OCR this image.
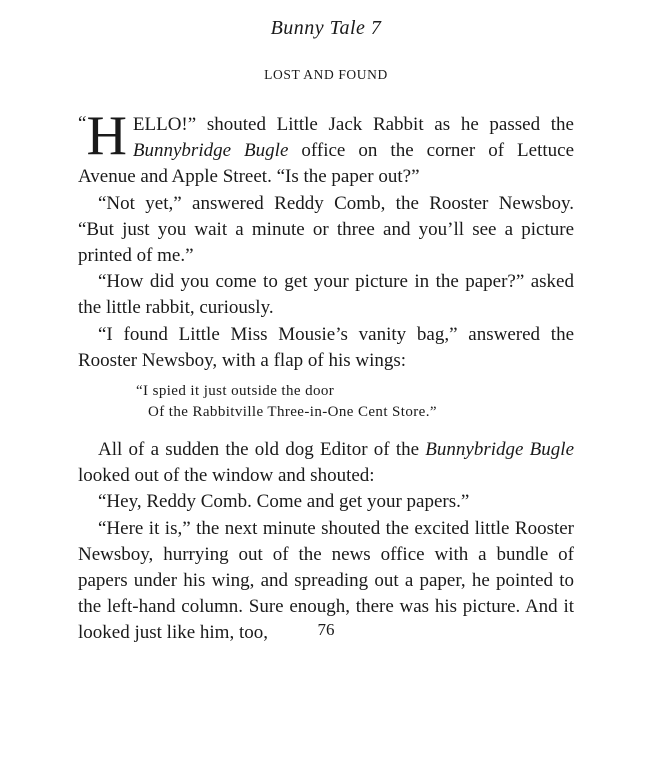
Bunny Tale 7
LOST AND FOUND

“ H ELLO!” shouted Little Jack Rabbit as he passed the Bunnybridge Bugle office on the corner of Lettuce Avenue and Apple Street. “Is the paper out?”

“Not yet,” answered Reddy Comb, the Rooster Newsboy. “But just you wait a minute or three and you’ll see a picture printed of me.”

“How did you come to get your picture in the paper?” asked the little rabbit, curiously.

“I found Little Miss Mousie’s vanity bag,” answered the Rooster Newsboy, with a flap of his wings:

“I spied it just outside the door
Of the Rabbitville Three-in-One Cent Store.”

All of a sudden the old dog Editor of the Bunnybridge Bugle looked out of the window and shouted:

“Hey, Reddy Comb. Come and get your papers.”

“Here it is,” the next minute shouted the excited little Rooster Newsboy, hurrying out of the news office with a bundle of papers under his wing, and spreading out a paper, he pointed to the left-hand column. Sure enough, there was his picture. And it looked just like him, too,	76
